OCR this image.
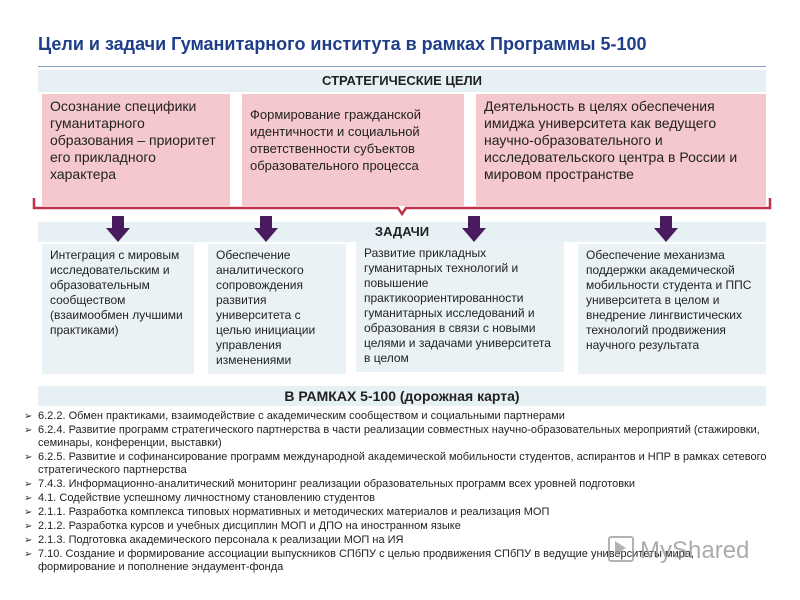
Цели и задачи Гуманитарного института в рамках Программы 5-100
СТРАТЕГИЧЕСКИЕ ЦЕЛИ
Осознание специфики гуманитарного образования – приоритет его прикладного характера
Формирование гражданской идентичности и социальной ответственности субъектов образовательного процесса
Деятельность в целях обеспечения имиджа университета как ведущего научно-образовательного и исследовательского центра в России и мировом пространстве
ЗАДАЧИ
Интеграция с мировым исследовательским и образовательным сообществом (взаимообмен лучшими практиками)
Обеспечение аналитического сопровождения развития университета с целью инициации управления изменениями
Развитие прикладных гуманитарных технологий и повышение практикоориентированности гуманитарных исследований и образования в связи с новыми целями и задачами университета в целом
Обеспечение механизма поддержки академической мобильности студента и ППС университета в целом и внедрение лингвистических технологий продвижения научного результата
В РАМКАХ 5-100 (дорожная карта)
➢ 6.2.2. Обмен практиками, взаимодействие с академическим сообществом и социальными партнерами
➢ 6.2.4. Развитие программ стратегического партнерства в части реализации совместных научно-образовательных мероприятий (стажировки, семинары, конференции, выставки)
➢ 6.2.5. Развитие и софинансирование программ международной академической мобильности студентов, аспирантов и НПР в рамках сетевого стратегического партнерства
➢ 7.4.3. Информационно-аналитический мониторинг реализации образовательных программ всех уровней подготовки
➢ 4.1. Содействие успешному личностному становлению студентов
➢ 2.1.1. Разработка комплекса типовых нормативных и методических материалов и реализация МОП
➢ 2.1.2. Разработка курсов и учебных дисциплин МОП и ДПО на иностранном языке
➢ 2.1.3. Подготовка академического персонала к реализации МОП на ИЯ
➢ 7.10. Создание и формирование ассоциации выпускников СПбПУ с целью продвижения СПбПУ в ведущие университеты мира, формирование и пополнение эндаумент-фонда
MyShared
